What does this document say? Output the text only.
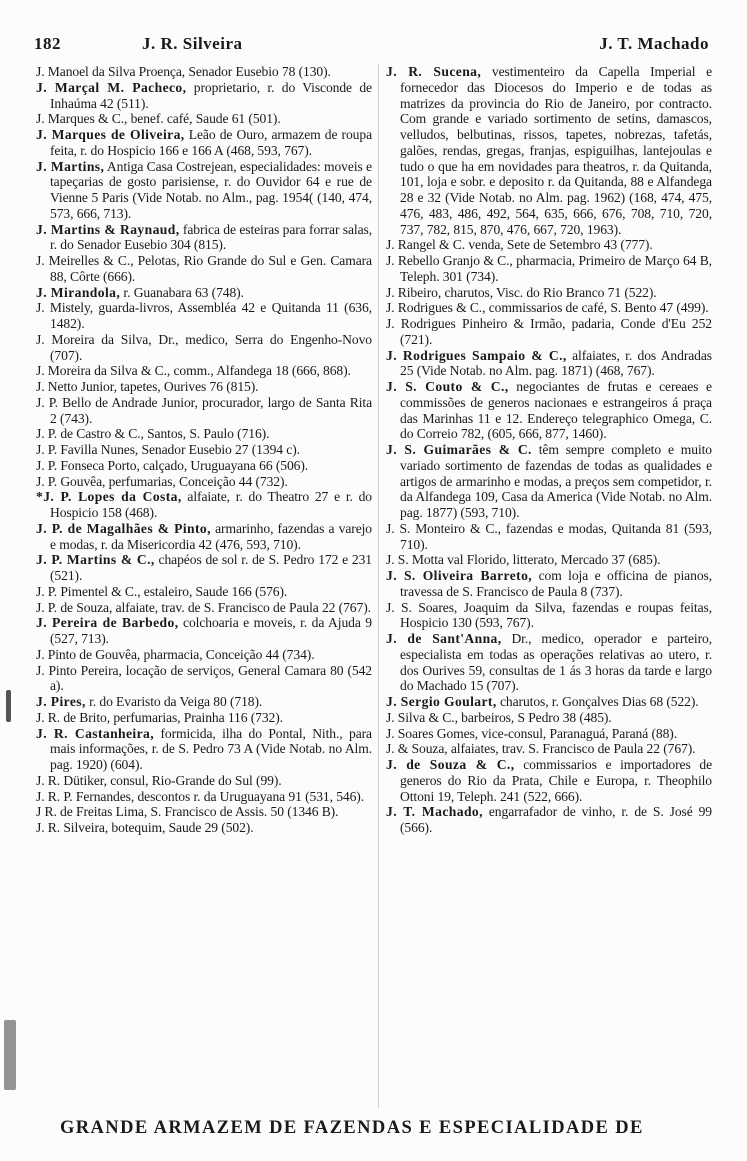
182	J. R. Silveira	J. T. Machado

J. Manoel da Silva Proença, Senador Eusebio 78 (130).

J. Marçal M. Pacheco, proprietario, r. do Visconde de Inhaúma 42 (511).

J. Marques & C., benef. café, Saude 61 (501).

J. Marques de Oliveira, Leão de Ouro, armazem de roupa feita, r. do Hospicio 166 e 166 A (468, 593, 767).

J. Martins, Antiga Casa Costrejean, especialidades: moveis e tapeçarias de gosto parisiense, r. do Ouvidor 64 e rue de Vienne 5 Paris (Vide Notab. no Alm., pag. 1954( (140, 474, 573, 666, 713).

J. Martins & Raynaud, fabrica de esteiras para forrar salas, r. do Senador Eusebio 304 (815).

J. Meirelles & C., Pelotas, Rio Grande do Sul e Gen. Camara 88, Côrte (666).

J. Mirandola, r. Guanabara 63 (748).

J. Mistely, guarda-livros, Assembléa 42 e Quitanda 11 (636, 1482).

J. Moreira da Silva, Dr., medico, Serra do Engenho-Novo (707).

J. Moreira da Silva & C., comm., Alfandega 18 (666, 868).

J. Netto Junior, tapetes, Ourives 76 (815).

J. P. Bello de Andrade Junior, procurador, largo de Santa Rita 2 (743).

J. P. de Castro & C., Santos, S. Paulo (716).

J. P. Favilla Nunes, Senador Eusebio 27 (1394 c).

J. P. Fonseca Porto, calçado, Uruguayana 66 (506).

J. P. Gouvêa, perfumarias, Conceição 44 (732).

*J. P. Lopes da Costa, alfaiate, r. do Theatro 27 e r. do Hospicio 158 (468).

J. P. de Magalhães & Pinto, armarinho, fazendas a varejo e modas, r. da Misericordia 42 (476, 593, 710).

J. P. Martins & C., chapéos de sol r. de S. Pedro 172 e 231 (521).

J. P. Pimentel & C., estaleiro, Saude 166 (576).

J. P. de Souza, alfaiate, trav. de S. Francisco de Paula 22 (767).

J. Pereira de Barbedo, colchoaria e moveis, r. da Ajuda 9 (527, 713).

J. Pinto de Gouvêa, pharmacia, Conceição 44 (734).

J. Pinto Pereira, locação de serviços, General Camara 80 (542 a).

J. Pires, r. do Evaristo da Veiga 80 (718).

J. R. de Brito, perfumarias, Prainha 116 (732).

J. R. Castanheira, formicida, ilha do Pontal, Nith., para mais informações, r. de S. Pedro 73 A (Vide Notab. no Alm. pag. 1920) (604).

J. R. Dütiker, consul, Rio-Grande do Sul (99).

J. R. P. Fernandes, descontos r. da Uruguayana 91 (531, 546).

J R. de Freitas Lima, S. Francisco de Assis. 50 (1346 B).

J. R. Silveira, botequim, Saude 29 (502).

J. R. Sucena, vestimenteiro da Capella Imperial e fornecedor das Diocesos do Imperio e de todas as matrizes da provincia do Rio de Janeiro, por contracto. Com grande e variado sortimento de setins, damascos, velludos, belbutinas, rissos, tapetes, nobrezas, tafetás, galões, rendas, gregas, franjas, espiguilhas, lantejoulas e tudo o que ha em novidades para theatros, r. da Quitanda, 101, loja e sobr. e deposito r. da Quitanda, 88 e Alfandega 28 e 32 (Vide Notab. no Alm. pag. 1962) (168, 474, 475, 476, 483, 486, 492, 564, 635, 666, 676, 708, 710, 720, 737, 782, 815, 870, 476, 667, 720, 1963).

J. Rangel & C. venda, Sete de Setembro 43 (777).

J. Rebello Granjo & C., pharmacia, Primeiro de Março 64 B, Teleph. 301 (734).

J. Ribeiro, charutos, Visc. do Rio Branco 71 (522).

J. Rodrigues & C., commissarios de café, S. Bento 47 (499).

J. Rodrigues Pinheiro & Irmão, padaria, Conde d'Eu 252 (721).

J. Rodrigues Sampaio & C., alfaiates, r. dos Andradas 25 (Vide Notab. no Alm. pag. 1871) (468, 767).

J. S. Couto & C., negociantes de frutas e cereaes e commissões de generos nacionaes e estrangeiros á praça das Marinhas 11 e 12. Endereço telegraphico Omega, C. do Correio 782, (605, 666, 877, 1460).

J. S. Guimarães & C. têm sempre completo e muito variado sortimento de fazendas de todas as qualidades e artigos de armarinho e modas, a preços sem competidor, r. da Alfandega 109, Casa da America (Vide Notab. no Alm. pag. 1877) (593, 710).

J. S. Monteiro & C., fazendas e modas, Quitanda 81 (593, 710).

J. S. Motta val Florido, litterato, Mercado 37 (685).

J. S. Oliveira Barreto, com loja e officina de pianos, travessa de S. Francisco de Paula 8 (737).

J. S. Soares, Joaquim da Silva, fazendas e roupas feitas, Hospicio 130 (593, 767).

J. de Sant'Anna, Dr., medico, operador e parteiro, especialista em todas as operações relativas ao utero, r. dos Ourives 59, consultas de 1 ás 3 horas da tarde e largo do Machado 15 (707).

J. Sergio Goulart, charutos, r. Gonçalves Dias 68 (522).

J. Silva & C., barbeiros, S Pedro 38 (485).

J. Soares Gomes, vice-consul, Paranaguá, Paraná (88).

J. & Souza, alfaiates, trav. S. Francisco de Paula 22 (767).

J. de Souza & C., commissarios e importadores de generos do Rio da Prata, Chile e Europa, r. Theophilo Ottoni 19, Teleph. 241 (522, 666).

J. T. Machado, engarrafador de vinho, r. de S. José 99 (566).

GRANDE ARMAZEM DE FAZENDAS E ESPECIALIDADE DE
